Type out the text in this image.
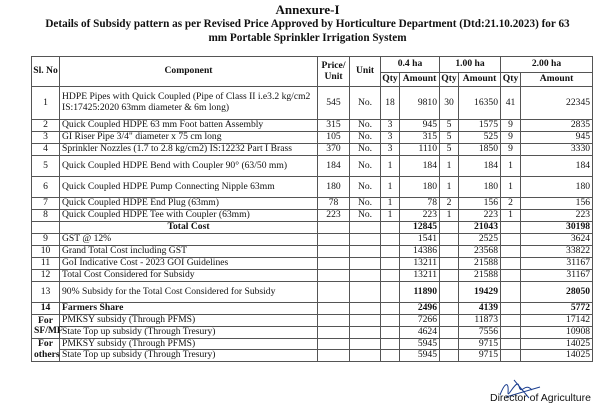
Annexure-I
Details of Subsidy pattern as per Revised Price Approved by Horticulture Department (Dtd:21.10.2023) for 63
mm Portable Sprinkler Irrigation System
Sl. No	Component	Price/ Unit	Unit	0.4 ha		1.00 ha		2.00 ha	
				Qty	Amount	Qty	Amount	Qty	Amount
1	HDPE Pipes with Quick Coupled (Pipe of Class II i.e3.2 kg/cm2 IS:17425:2020 63mm diameter & 6m long)	545	No.	18	9810	30	16350	41	22345
2	Quick Coupled HDPE 63 mm Foot batten Assembly	315	No.	3	945	5	1575	9	2835
3	GI Riser Pipe 3/4" diameter x 75 cm long	105	No.	3	315	5	525	9	945
4	Sprinkler Nozzles (1.7 to 2.8 kg/cm2) IS:12232 Part I Brass	370	No.	3	1110	5	1850	9	3330
5	Quick Coupled HDPE Bend with Coupler 90° (63/50 mm)	184	No.	1	184	1	184	1	184
6	Quick Coupled HDPE Pump Connecting Nipple 63mm	180	No.	1	180	1	180	1	180
7	Quick Coupled HDPE End Plug (63mm)	78	No.	1	78	2	156	2	156
8	Quick Coupled HDPE Tee with Coupler (63mm)	223	No.	1	223	1	223	1	223
	Total Cost				12845		21043		30198
9	GST @ 12%				1541		2525		3624
10	Grand Total Cost including GST				14386		23568		33822
11	GoI Indicative Cost - 2023 GOI Guidelines				13211		21588		31167
12	Total Cost Considered for Subsidy				13211		21588		31167
13	90% Subsidy for the Total Cost Considered for Subsidy				11890		19429		28050
14	Farmers Share				2496		4139		5772
For SF/MF	PMKSY subsidy (Through PFMS)				7266		11873		17142
	State Top up subsidy (Through Tresury)				4624		7556		10908
For others	PMKSY subsidy (Through PFMS)				5945		9715		14025
	State Top up subsidy (Through Tresury)				5945		9715		14025
Director of Agriculture
